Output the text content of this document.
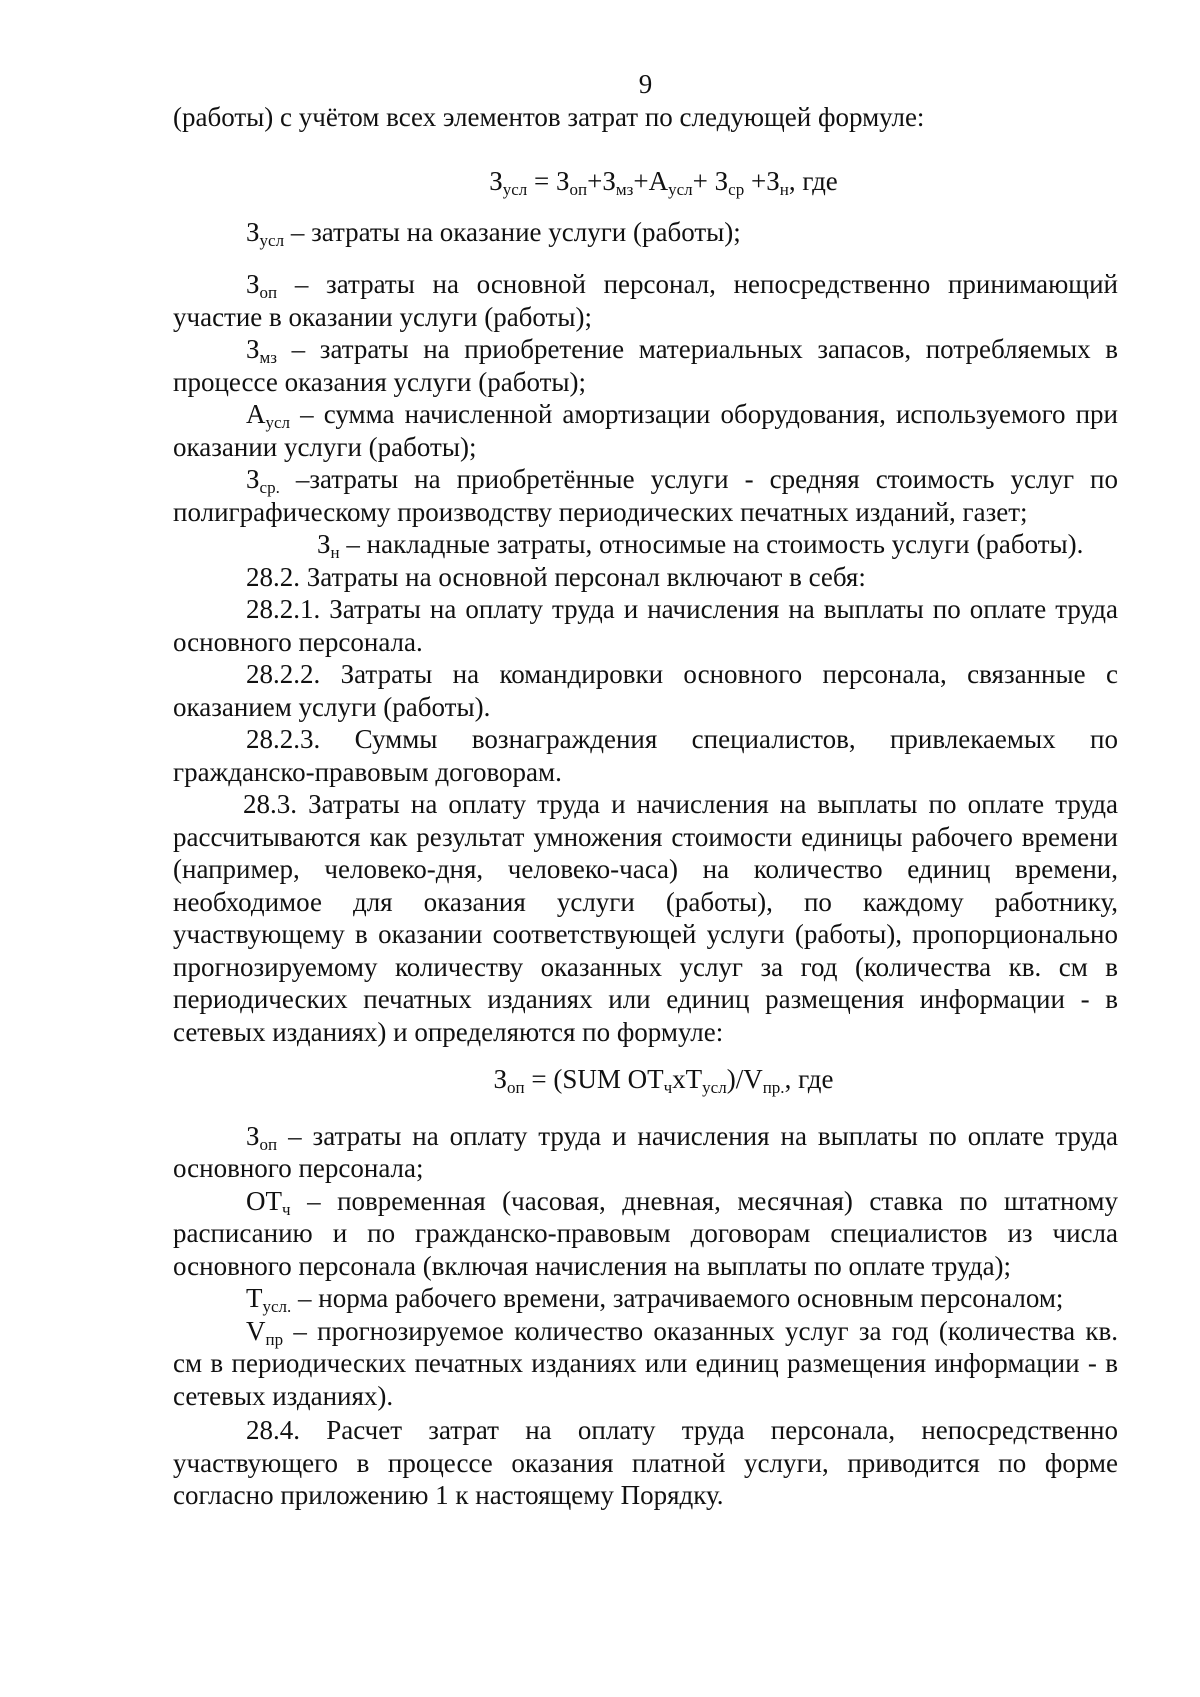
9

(работы) с учётом всех элементов затрат по следующей формуле:

$З_{усл} = З_{оп}+З_{мз}+А_{усл}+ З_{ср} +З_н$, где

$З_{усл}$ – затраты на оказание услуги (работы);

$З_{оп}$ – затраты на основной персонал, непосредственно принимающий участие в оказании услуги (работы);

$З_{мз}$ – затраты на приобретение материальных запасов, потребляемых в процессе оказания услуги (работы);

$А_{усл}$ – сумма начисленной амортизации оборудования, используемого при оказании услуги (работы);

$З_{ср.}$ –затраты на приобретённые услуги - средняя стоимость услуг по полиграфическому производству периодических печатных изданий, газет;

$З_н$ – накладные затраты, относимые на стоимость услуги (работы).

28.2. Затраты на основной персонал включают в себя:

28.2.1. Затраты на оплату труда и начисления на выплаты по оплате труда основного персонала.

28.2.2. Затраты на командировки основного персонала, связанные с оказанием услуги (работы).

28.2.3. Суммы вознаграждения специалистов, привлекаемых по гражданско-правовым договорам.

28.3. Затраты на оплату труда и начисления на выплаты по оплате труда рассчитываются как результат умножения стоимости единицы рабочего времени (например, человеко-дня, человеко-часа) на количество единиц времени, необходимое для оказания услуги (работы), по каждому работнику, участвующему в оказании соответствующей услуги (работы), пропорционально прогнозируемому количеству оказанных услуг за год (количества кв. см в периодических печатных изданиях или единиц размещения информации - в сетевых изданиях) и определяются по формуле:

$З_{оп} = (SUM$ $ОТ_чхТ_{усл})/V_{пр.}$, где

$З_{оп}$ – затраты на оплату труда и начисления на выплаты по оплате труда основного персонала;

$ОТ_ч$ – повременная (часовая, дневная, месячная) ставка по штатному расписанию и по гражданско-правовым договорам специалистов из числа основного персонала (включая начисления на выплаты по оплате труда);

$Т_{усл.}$ – норма рабочего времени, затрачиваемого основным персоналом;

$V_{пр}$ – прогнозируемое количество оказанных услуг за год (количества кв. см в периодических печатных изданиях или единиц размещения информации - в сетевых изданиях).

28.4. Расчет затрат на оплату труда персонала, непосредственно участвующего в процессе оказания платной услуги, приводится по форме согласно приложению 1 к настоящему Порядку.
